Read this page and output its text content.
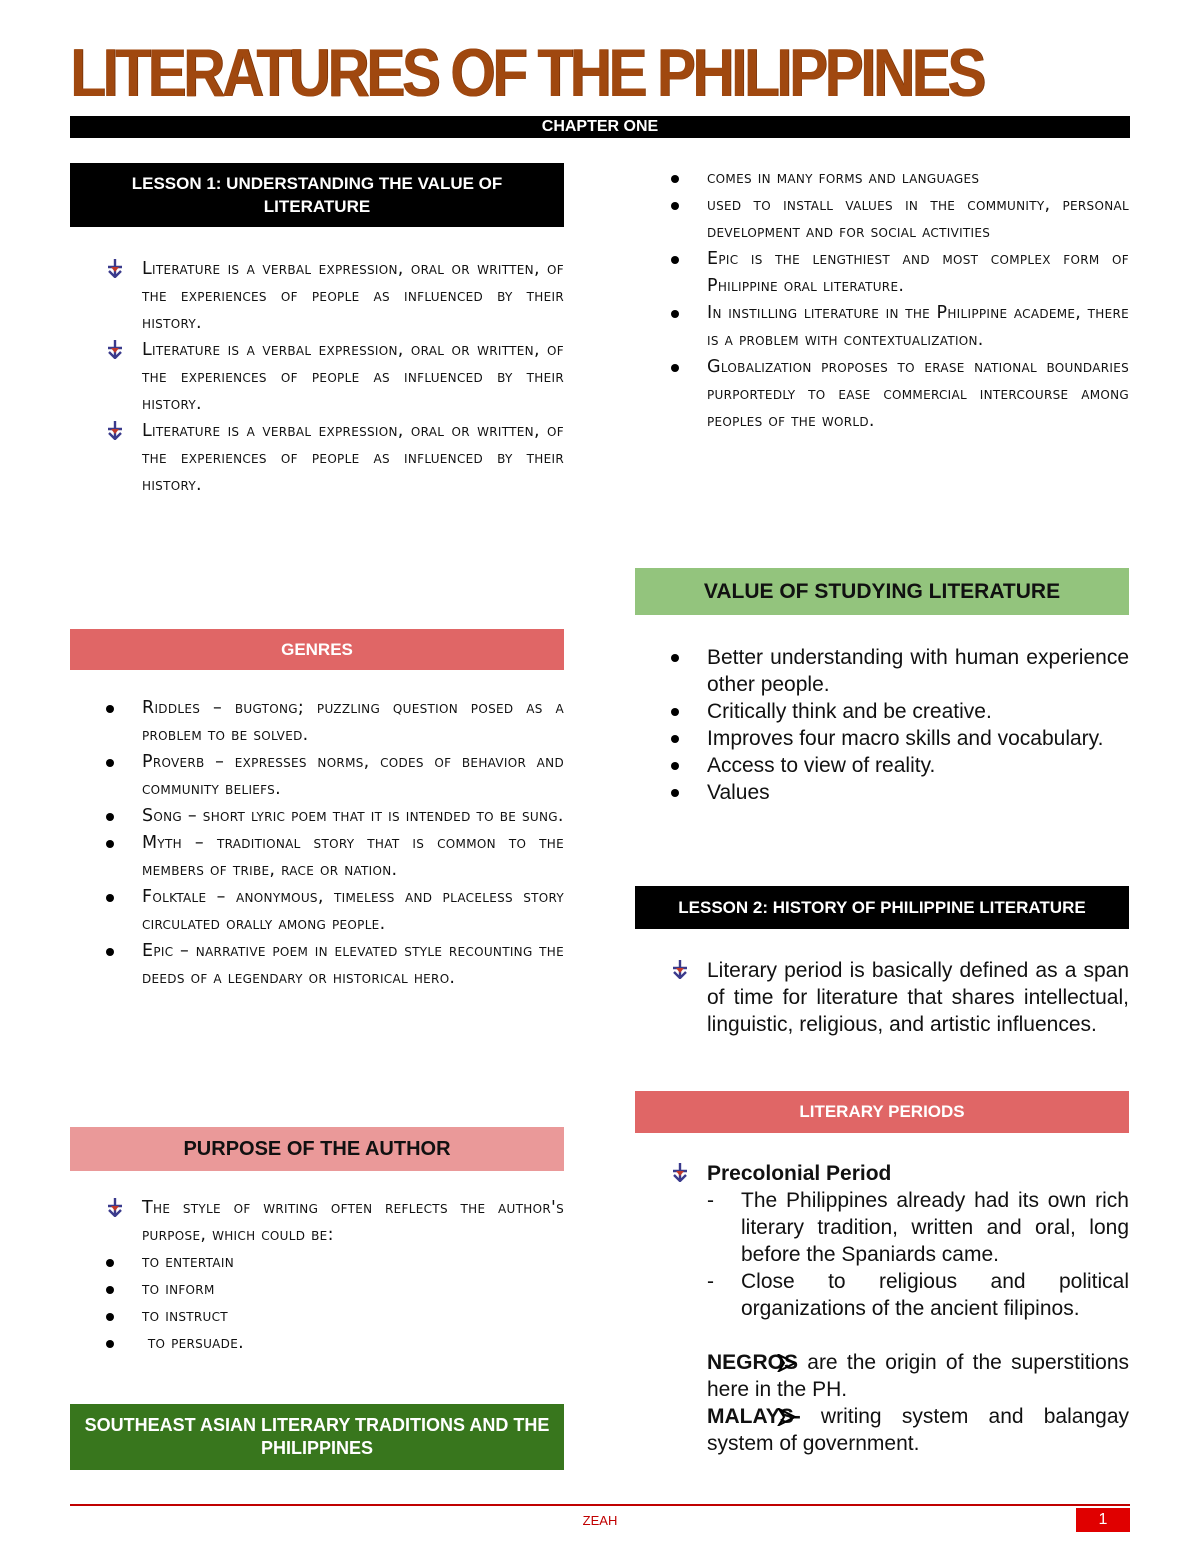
LITERATURES OF THE PHILIPPINES
CHAPTER ONE
LESSON 1: UNDERSTANDING THE VALUE OF LITERATURE
Literature is a verbal expression, oral or written, of the experiences of people as influenced by their history.
Literature is a verbal expression, oral or written, of the experiences of people as influenced by their history.
Literature is a verbal expression, oral or written, of the experiences of people as influenced by their history.
GENRES
Riddles – bugtong; puzzling question posed as a problem to be solved.
Proverb – expresses norms, codes of behavior and community beliefs.
Song – short lyric poem that it is intended to be sung.
Myth – traditional story that is common to the members of tribe, race or nation.
Folktale – anonymous, timeless and placeless story circulated orally among people.
Epic – narrative poem in elevated style recounting the deeds of a legendary or historical hero.
PURPOSE OF THE AUTHOR
The style of writing often reflects the author's purpose, which could be:
to entertain
to inform
to instruct
to persuade.
SOUTHEAST ASIAN LITERARY TRADITIONS AND THE PHILIPPINES
comes in many forms and languages
used to install values in the community, personal development and for social activities
Epic is the lengthiest and most complex form of Philippine oral literature.
In instilling literature in the Philippine academe, there is a problem with contextualization.
Globalization proposes to erase national boundaries purportedly to ease commercial intercourse among peoples of the world.
VALUE OF STUDYING LITERATURE
Better understanding with human experience other people.
Critically think and be creative.
Improves four macro skills and vocabulary.
Access to view of reality.
Values
LESSON 2: HISTORY OF PHILIPPINE LITERATURE
Literary period is basically defined as a span of time for literature that shares intellectual, linguistic, religious, and artistic influences.
LITERARY PERIODS
Precolonial Period
- The Philippines already had its own rich literary tradition, written and oral, long before the Spaniards came.
- Close to religious and political organizations of the ancient filipinos.
NEGROS are the origin of the superstitions here in the PH.
MALAYS- writing system and balangay system of government.
ZEAH	1
